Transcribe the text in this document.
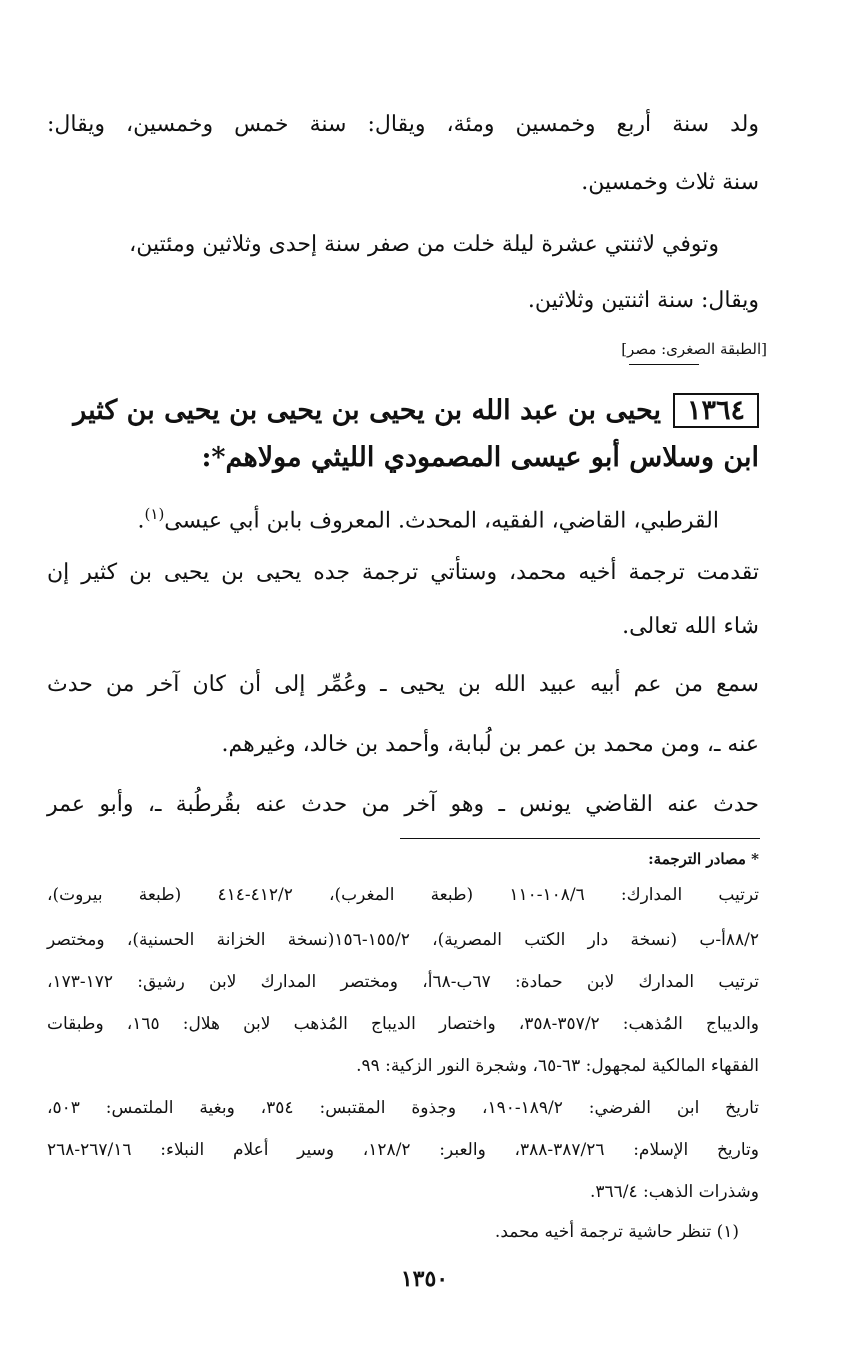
ولد سنة أربع وخمسين ومئة، ويقال: سنة خمس وخمسين، ويقال:
سنة ثلاث وخمسين.
وتوفي لاثنتي عشرة ليلة خلت من صفر سنة إحدى وثلاثين ومئتين،
ويقال: سنة اثنتين وثلاثين.
[الطبقة الصغرى: مصر]
١٣٦٤يحيى بن عبد الله بن يحيى بن يحيى بن يحيى بن كثير
ابن وسلاس أبو عيسى المصمودي الليثي مولاهم*:
القرطبي، القاضي، الفقيه، المحدث. المعروف بابن أبي عيسى$^{(١)}$.
تقدمت ترجمة أخيه محمد، وستأتي ترجمة جده يحيى بن يحيى بن كثير إن
شاء الله تعالى.
سمع من عم أبيه عبيد الله بن يحيى ـ وعُمِّر إلى أن كان آخر من حدث
عنه ـ، ومن محمد بن عمر بن لُبابة، وأحمد بن خالد، وغيرهم.
حدث عنه القاضي يونس ـ وهو آخر من حدث عنه بقُرطُبة ـ، وأبو عمر
* مصادر الترجمة:
ترتيب المدارك: ١٠٨/٦-١١٠ (طبعة المغرب)، ٤١٢/٢-٤١٤ (طبعة بيروت)،
٨٨/٢أ-ب (نسخة دار الكتب المصرية)، ١٥٥/٢-١٥٦(نسخة الخزانة الحسنية)، ومختصر
ترتيب المدارك لابن حمادة: ٦٧ب-٦٨أ، ومختصر المدارك لابن رشيق: ١٧٢-١٧٣،
والديباج المُذهب: ٣٥٧/٢-٣٥٨، واختصار الديباج المُذهب لابن هلال: ١٦٥، وطبقات
الفقهاء المالكية لمجهول: ٦٣-٦٥، وشجرة النور الزكية: ٩٩.
تاريخ ابن الفرضي: ١٨٩/٢-١٩٠، وجذوة المقتبس: ٣٥٤، وبغية الملتمس: ٥٠٣،
وتاريخ الإسلام: ٣٨٧/٢٦-٣٨٨، والعبر: ١٢٨/٢، وسير أعلام النبلاء: ٢٦٧/١٦-٢٦٨
وشذرات الذهب: ٣٦٦/٤.
(١) تنظر حاشية ترجمة أخيه محمد.
١٣٥٠
